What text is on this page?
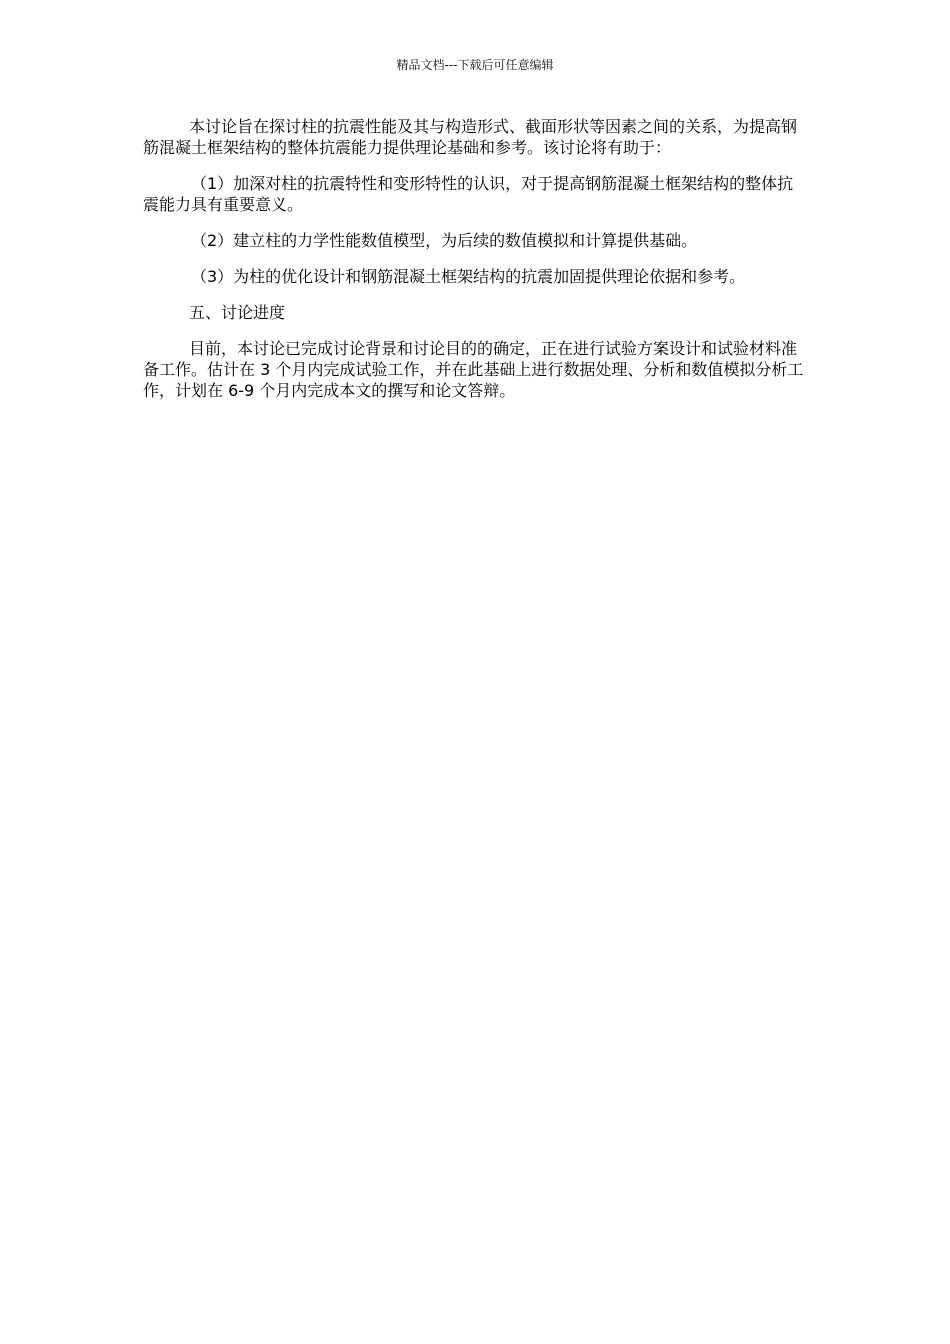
精品文档---下载后可任意编辑

本讨论旨在探讨柱的抗震性能及其与构造形式、截面形状等因素之间的关系，为提高钢筋混凝土框架结构的整体抗震能力提供理论基础和参考。该讨论将有助于：

（1）加深对柱的抗震特性和变形特性的认识，对于提高钢筋混凝土框架结构的整体抗震能力具有重要意义。

（2）建立柱的力学性能数值模型，为后续的数值模拟和计算提供基础。

（3）为柱的优化设计和钢筋混凝土框架结构的抗震加固提供理论依据和参考。

五、讨论进度

目前，本讨论已完成讨论背景和讨论目的的确定，正在进行试验方案设计和试验材料准备工作。估计在 3 个月内完成试验工作，并在此基础上进行数据处理、分析和数值模拟分析工作，计划在 6-9 个月内完成本文的撰写和论文答辩。
